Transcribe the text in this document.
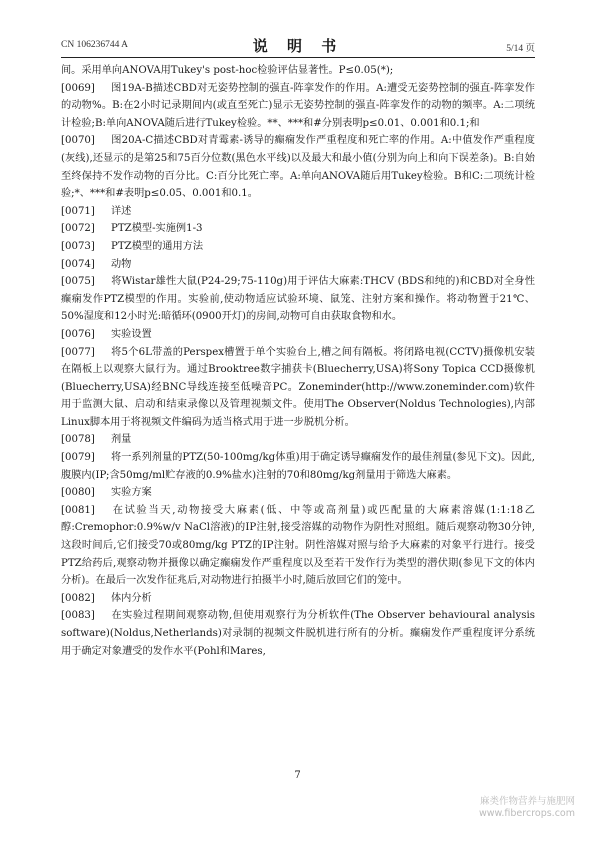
CN 106236744 A	说 明 书	5/14 页

间。采用单向ANOVA用Tukey's post-hoc检验评估显著性。P≤0.05(*);

[0069] 图19A-B描述CBD对无姿势控制的强直-阵挛发作的作用。A:遭受无姿势控制的强直-阵挛发作的动物%。B:在2小时记录期间内(或直至死亡)显示无姿势控制的强直-阵挛发作的动物的频率。A:二项统计检验;B:单向ANOVA随后进行Tukey检验。**、***和#分别表明p≤0.01、0.001和0.1;和

[0070] 图20A-C描述CBD对青霉素-诱导的癫痫发作严重程度和死亡率的作用。A:中值发作严重程度(灰线),还显示的是第25和75百分位数(黑色水平线)以及最大和最小值(分别为向上和向下误差条)。B:自始至终保持不发作动物的百分比。C:百分比死亡率。A:单向ANOVA随后用Tukey检验。B和C:二项统计检验;*、***和#表明p≤0.05、0.001和0.1。

[0071] 详述

[0072] PTZ模型-实施例1-3

[0073] PTZ模型的通用方法

[0074] 动物

[0075] 将Wistar雄性大鼠(P24-29;75-110g)用于评估大麻素:THCV (BDS和纯的)和CBD对全身性癫痫发作PTZ模型的作用。实验前,使动物适应试验环境、鼠笼、注射方案和操作。将动物置于21℃、50%湿度和12小时光:暗循环(0900开灯)的房间,动物可自由获取食物和水。

[0076] 实验设置

[0077] 将5个6L带盖的Perspex槽置于单个实验台上,槽之间有隔板。将闭路电视(CCTV)摄像机安装在隔板上以观察大鼠行为。通过Brooktree数字捕获卡(Bluecherry,USA)将Sony Topica CCD摄像机(Bluecherry,USA)经BNC导线连接至低噪音PC。Zoneminder(http://www.zoneminder.com)软件用于监测大鼠、启动和结束录像以及管理视频文件。使用The Observer(Noldus Technologies),内部Linux脚本用于将视频文件编码为适当格式用于进一步脱机分析。

[0078] 剂量

[0079] 将一系列剂量的PTZ(50-100mg/kg体重)用于确定诱导癫痫发作的最佳剂量(参见下文)。因此,腹膜内(IP;含50mg/ml贮存液的0.9%盐水)注射的70和80mg/kg剂量用于筛选大麻素。

[0080] 实验方案

[0081] 在试验当天,动物接受大麻素(低、中等或高剂量)或匹配量的大麻素溶媒(1:1:18乙醇:Cremophor:0.9%w/v NaCl溶液)的IP注射,接受溶媒的动物作为阴性对照组。随后观察动物30分钟,这段时间后,它们接受70或80mg/kg PTZ的IP注射。阴性溶媒对照与给予大麻素的对象平行进行。接受PTZ给药后,观察动物并摄像以确定癫痫发作严重程度以及至若干发作行为类型的潜伏期(参见下文的体内分析)。在最后一次发作征兆后,对动物进行拍摄半小时,随后放回它们的笼中。

[0082] 体内分析

[0083] 在实验过程期间观察动物,但使用观察行为分析软件(The Observer behavioural analysis software)(Noldus,Netherlands)对录制的视频文件脱机进行所有的分析。癫痫发作严重程度评分系统用于确定对象遭受的发作水平(Pohl和Mares,

7
麻类作物营养与施肥网
www.fibercrops.com
